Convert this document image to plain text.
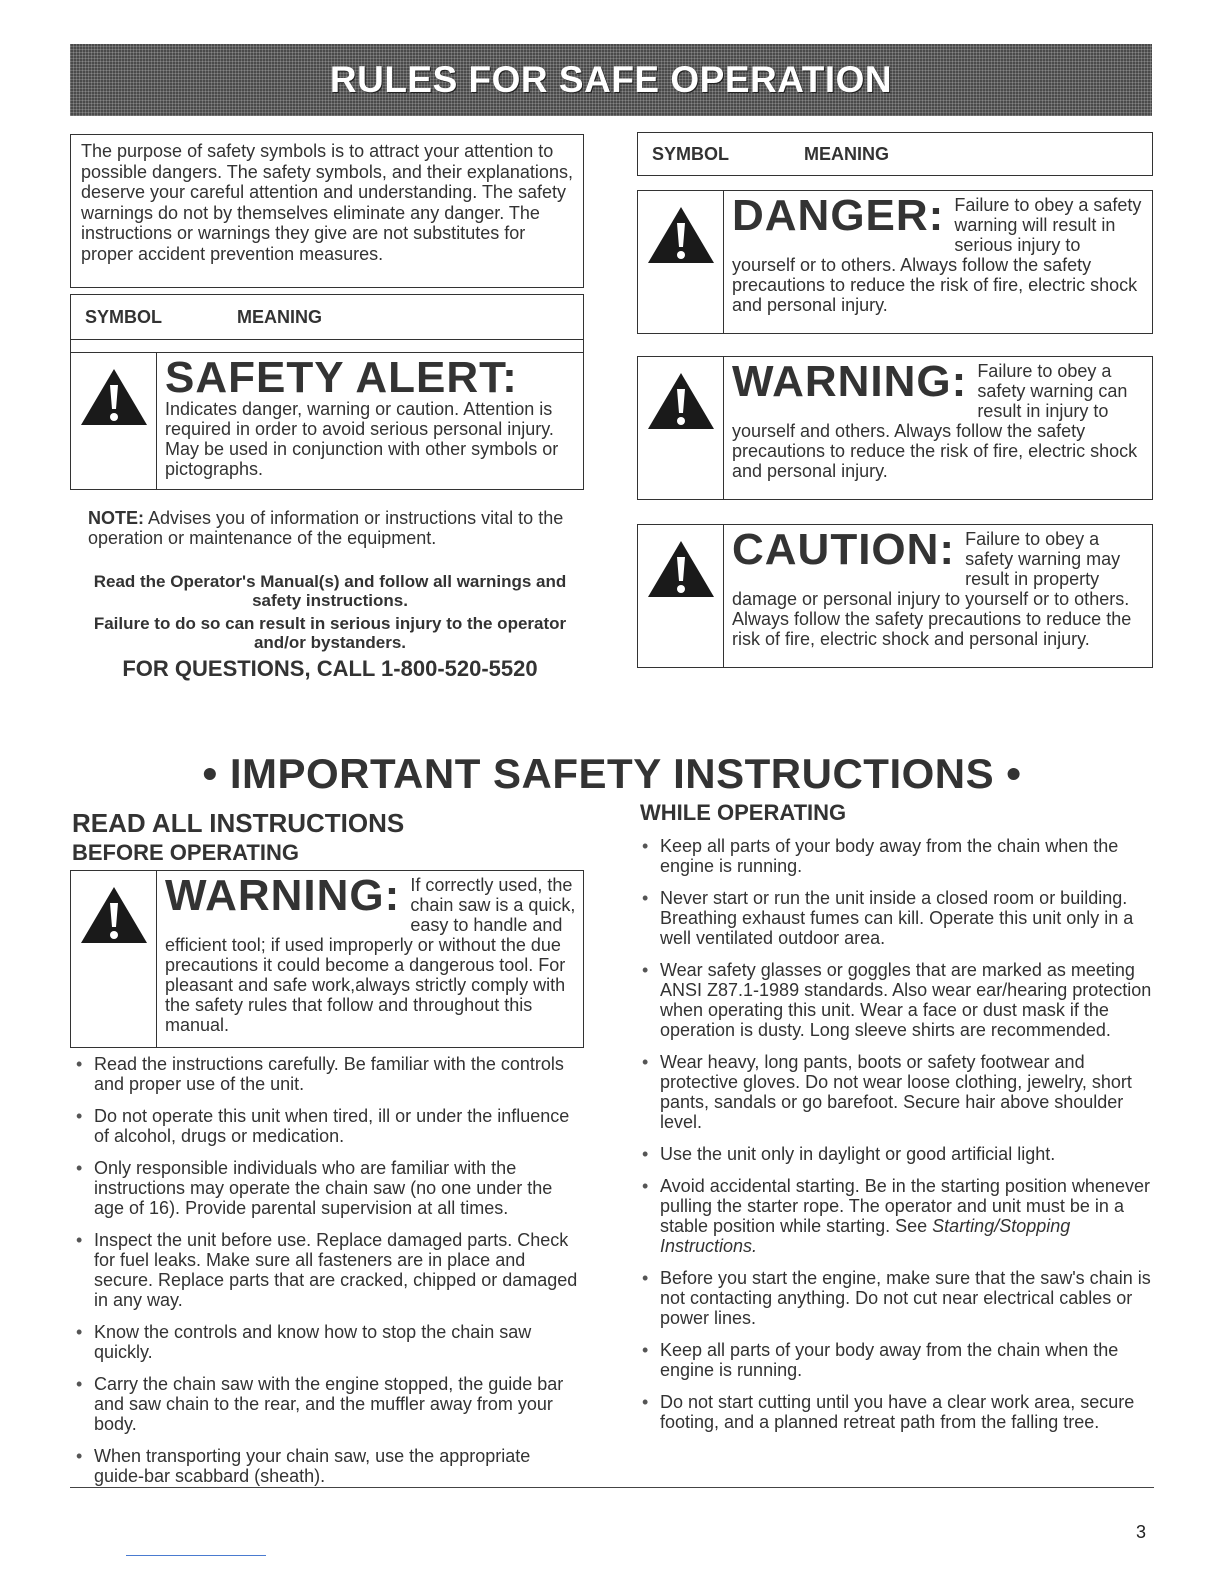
RULES FOR SAFE OPERATION
The purpose of safety symbols is to attract your attention to possible dangers. The safety symbols, and their explanations, deserve your careful attention and understanding. The safety warnings do not by themselves eliminate any danger. The instructions or warnings they give are not substitutes for proper accident prevention measures.
SYMBOL	MEANING
SAFETY ALERT:
Indicates danger, warning or caution. Attention is required in order to avoid serious personal injury. May be used in conjunction with other symbols or pictographs.
SYMBOL	MEANING
DANGER: Failure to obey a safety warning will result in serious injury to yourself or to others. Always follow the safety precautions to reduce the risk of fire, electric shock and personal injury.
WARNING: Failure to obey a safety warning can result in injury to yourself and others. Always follow the safety precautions to reduce the risk of fire, electric shock and personal injury.
CAUTION: Failure to obey a safety warning may result in property damage or personal injury to yourself or to others. Always follow the safety precautions to reduce the risk of fire, electric shock and personal injury.
NOTE: Advises you of information or instructions vital to the operation or maintenance of the equipment.
Read the Operator's Manual(s) and follow all warnings and safety instructions.
Failure to do so can result in serious injury to the operator and/or bystanders.
FOR QUESTIONS, CALL 1-800-520-5520
• IMPORTANT SAFETY INSTRUCTIONS •
READ ALL INSTRUCTIONS
BEFORE OPERATING
WARNING: If correctly used, the chain saw is a quick, easy to handle and efficient tool; if used improperly or without the due precautions it could become a dangerous tool. For pleasant and safe work,always strictly comply with the safety rules that follow and throughout this manual.
• Read the instructions carefully. Be familiar with the controls and proper use of the unit.
• Do not operate this unit when tired, ill or under the influence of alcohol, drugs or medication.
• Only responsible individuals who are familiar with the instructions may operate the chain saw (no one under the age of 16). Provide parental supervision at all times.
• Inspect the unit before use. Replace damaged parts. Check for fuel leaks. Make sure all fasteners are in place and secure. Replace parts that are cracked, chipped or damaged in any way.
• Know the controls and know how to stop the chain saw quickly.
• Carry the chain saw with the engine stopped, the guide bar and saw chain to the rear, and the muffler away from your body.
• When transporting your chain saw, use the appropriate guide-bar scabbard (sheath).
WHILE OPERATING
• Keep all parts of your body away from the chain when the engine is running.
• Never start or run the unit inside a closed room or building. Breathing exhaust fumes can kill. Operate this unit only in a well ventilated outdoor area.
• Wear safety glasses or goggles that are marked as meeting ANSI Z87.1-1989 standards. Also wear ear/hearing protection when operating this unit. Wear a face or dust mask if the operation is dusty. Long sleeve shirts are recommended.
• Wear heavy, long pants, boots or safety footwear and protective gloves. Do not wear loose clothing, jewelry, short pants, sandals or go barefoot. Secure hair above shoulder level.
• Use the unit only in daylight or good artificial light.
• Avoid accidental starting. Be in the starting position whenever pulling the starter rope. The operator and unit must be in a stable position while starting. See Starting/Stopping Instructions.
• Before you start the engine, make sure that the saw's chain is not contacting anything. Do not cut near electrical cables or power lines.
• Keep all parts of your body away from the chain when the engine is running.
• Do not start cutting until you have a clear work area, secure footing, and a planned retreat path from the falling tree.
3
